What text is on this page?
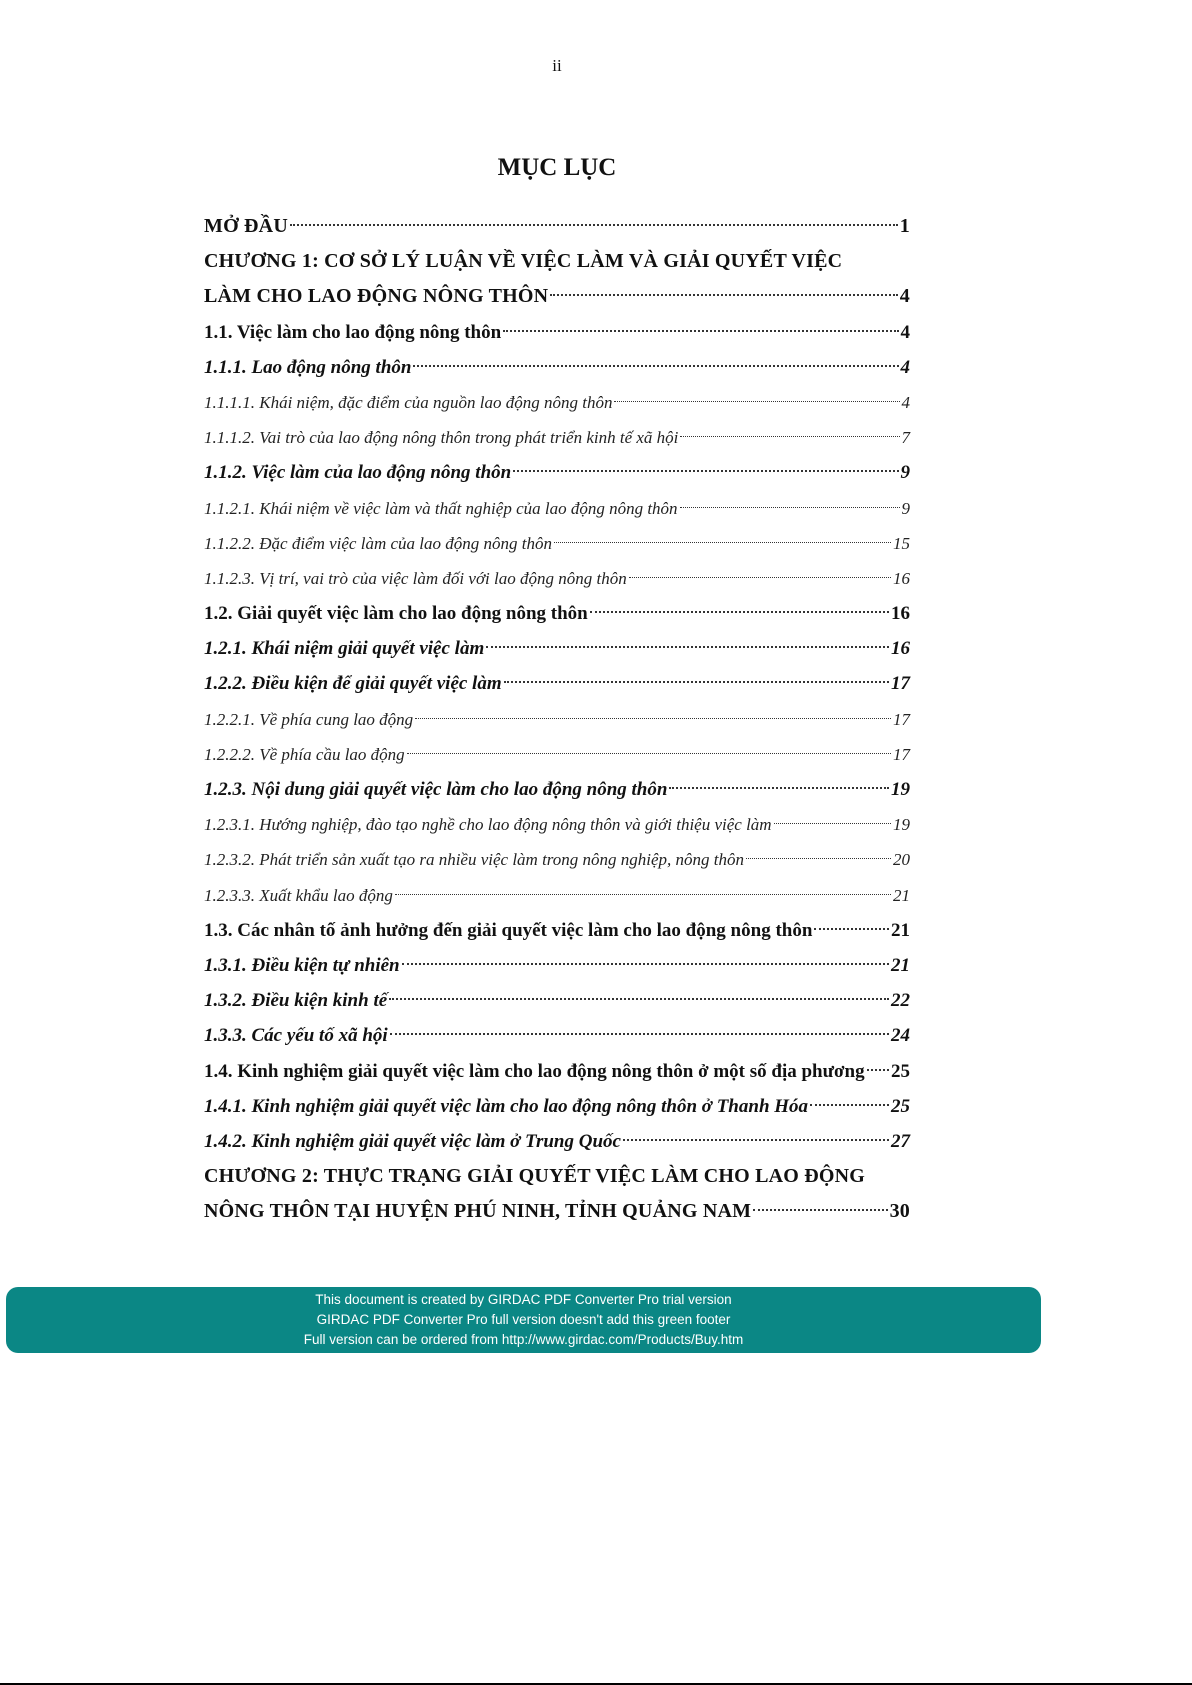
ii
MỤC LỤC
MỞ ĐẦU	1
CHƯƠNG 1: CƠ SỞ LÝ LUẬN VỀ VIỆC LÀM VÀ GIẢI QUYẾT VIỆC
LÀM CHO LAO ĐỘNG NÔNG THÔN	4
1.1. Việc làm cho lao động nông thôn	4
1.1.1. Lao động nông thôn	4
1.1.1.1. Khái niệm, đặc điểm của nguồn lao động nông thôn	4
1.1.1.2. Vai trò của lao động nông thôn trong phát triển kinh tế xã hội	7
1.1.2. Việc làm của lao động nông thôn	9
1.1.2.1. Khái niệm về việc làm và thất nghiệp của lao động nông thôn	9
1.1.2.2. Đặc điểm việc làm của lao động nông thôn	15
1.1.2.3. Vị trí, vai trò của việc làm đối với lao động nông thôn	16
1.2. Giải quyết việc làm cho lao động nông thôn	16
1.2.1. Khái niệm giải quyết việc làm	16
1.2.2. Điều kiện để giải quyết việc làm	17
1.2.2.1. Về phía cung lao động	17
1.2.2.2. Về phía cầu lao động	17
1.2.3. Nội dung giải quyết việc làm cho lao động nông thôn	19
1.2.3.1. Hướng nghiệp, đào tạo nghề cho lao động nông thôn và giới thiệu việc làm	19
1.2.3.2. Phát triển sản xuất tạo ra nhiều việc làm trong nông nghiệp, nông thôn	20
1.2.3.3. Xuất khẩu lao động	21
1.3. Các nhân tố ảnh hưởng đến giải quyết việc làm cho lao động nông thôn	21
1.3.1. Điều kiện tự nhiên	21
1.3.2. Điều kiện kinh tế	22
1.3.3. Các yếu tố xã hội	24
1.4. Kinh nghiệm giải quyết việc làm cho lao động nông thôn ở một số địa phương 25
1.4.1. Kinh nghiệm giải quyết việc làm cho lao động nông thôn ở Thanh Hóa	25
1.4.2. Kinh nghiệm giải quyết việc làm ở Trung Quốc	27
CHƯƠNG 2: THỰC TRẠNG GIẢI QUYẾT VIỆC LÀM CHO LAO ĐỘNG
NÔNG THÔN TẠI HUYỆN PHÚ NINH, TỈNH QUẢNG NAM	30
This document is created by GIRDAC PDF Converter Pro trial version
GIRDAC PDF Converter Pro full version doesn't add this green footer
Full version can be ordered from http://www.girdac.com/Products/Buy.htm
